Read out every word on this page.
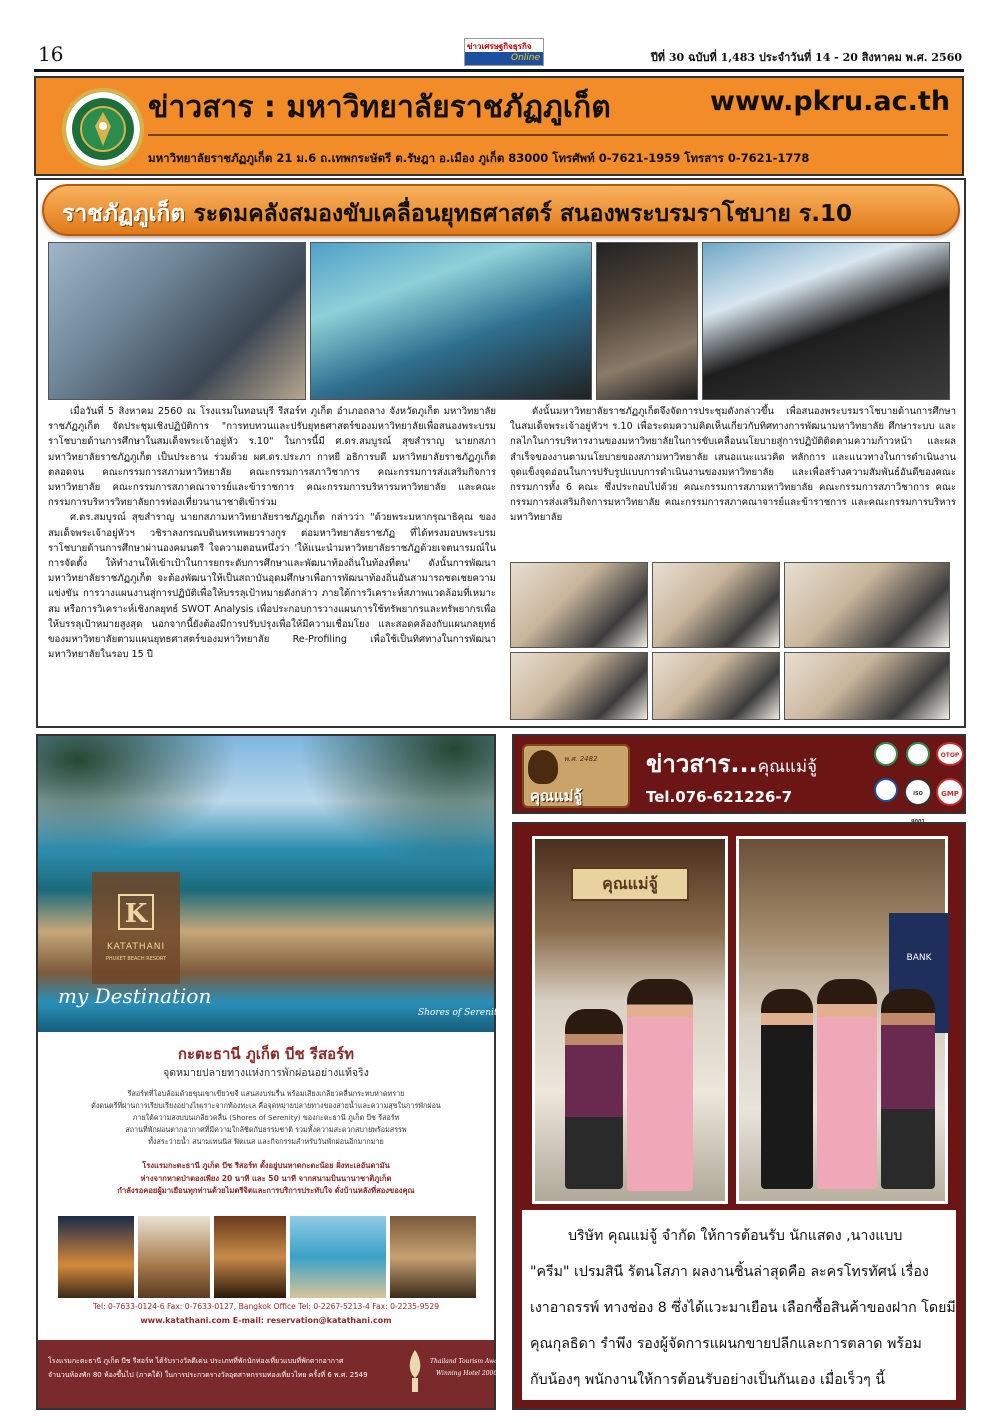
16	ข่าวเศรษฐกิจธุรกิจ
Online	ปีที่ 30 ฉบับที่ 1,483 ประจำวันที่ 14 - 20 สิงหาคม พ.ศ. 2560
ข่าวสาร : มหาวิทยาลัยราชภัฏภูเก็ต	www.pkru.ac.th
มหาวิทยาลัยราชภัฏภูเก็ต 21 ม.6 ถ.เทพกระษัตรี ต.รัษฎา อ.เมือง ภูเก็ต 83000 โทรศัพท์ 0-7621-1959 โทรสาร 0-7621-1778
ราชภัฏภูเก็ต ระดมคลังสมองขับเคลื่อนยุทธศาสตร์ สนองพระบรมราโชบาย ร.10

เมื่อวันที่ 5 สิงหาคม 2560 ณ โรงแรมในทอนบุรี รีสอร์ท ภูเก็ต อำเภอถลาง จังหวัดภูเก็ต มหาวิทยาลัยราชภัฏภูเก็ต จัดประชุมเชิงปฏิบัติการ "การทบทวนและปรับยุทธศาสตร์ของมหาวิทยาลัยเพื่อสนองพระบรมราโชบายด้านการศึกษาในสมเด็จพระเจ้าอยู่หัว ร.10" ในการนี้มี ศ.ดร.สมบูรณ์ สุขสำราญ นายกสภามหาวิทยาลัยราชภัฏภูเก็ต เป็นประธาน ร่วมด้วย ผศ.ดร.ประภา กาหยี อธิการบดี มหาวิทยาลัยราชภัฏภูเก็ต ตลอดจน คณะกรรมการสภามหาวิทยาลัย คณะกรรมการสภาวิชาการ คณะกรรมการส่งเสริมกิจการมหาวิทยาลัย คณะกรรมการสภาคณาจารย์และข้าราชการ คณะกรรมการบริหารมหาวิทยาลัย และคณะกรรมการบริหารวิทยาลัยการท่องเที่ยวนานาชาติเข้าร่วม

ศ.ดร.สมบูรณ์ สุขสำราญ นายกสภามหาวิทยาลัยราชภัฏภูเก็ต กล่าวว่า "ด้วยพระมหากรุณาธิคุณ ของ สมเด็จพระเจ้าอยู่หัวฯ วชิราลงกรณบดินทรเทพยวรางกูร ต่อมหาวิทยาลัยราชภัฏ ที่ได้ทรงมอบพระบรมราโชบายด้านการศึกษาผ่านองคมนตรี ใจความตอนหนึ่งว่า 'ให้แนะนำมหาวิทยาลัยราชภัฏด้วยเจตนารมณ์ในการจัดตั้ง ให้ทำงานให้เข้าเป้าในการยกระดับการศึกษาและพัฒนาท้องถิ่นในท้องที่ตน' ดังนั้นการพัฒนามหาวิทยาลัยราชภัฏภูเก็ต จะต้องพัฒนาให้เป็นสถาบันอุดมศึกษาเพื่อการพัฒนาท้องถิ่นอันสามารถชดเชยความแข่งขัน การวางแผนงานสู่การปฏิบัติเพื่อให้บรรลุเป้าหมายดังกล่าว ภายใต้การวิเคราะห์สภาพแวดล้อมที่เหมาะสม หรือการวิเคราะห์เชิงกลยุทธ์ SWOT Analysis เพื่อประกอบการวางแผนการใช้ทรัพยากรและทรัพยากรเพื่อให้บรรลุเป้าหมายสูงสุด นอกจากนี้ยังต้องมีการปรับปรุงเพื่อให้มีความเชื่อมโยง และสอดคล้องกับแผนกลยุทธ์ของมหาวิทยาลัยตามแผนยุทธศาสตร์ของมหาวิทยาลัย Re-Profiling เพื่อใช้เป็นทิศทางในการพัฒนามหาวิทยาลัยในรอบ 15 ปี

ดังนั้นมหาวิทยาลัยราชภัฏภูเก็ตจึงจัดการประชุมดังกล่าวขึ้น เพื่อสนองพระบรมราโชบายด้านการศึกษาในสมเด็จพระเจ้าอยู่หัวฯ ร.10 เพื่อระดมความคิดเห็นเกี่ยวกับทิศทางการพัฒนามหาวิทยาลัย ศึกษาระบบ และกลไกในการบริหารงานของมหาวิทยาลัยในการขับเคลื่อนนโยบายสู่การปฏิบัติติดตามความก้าวหน้า และผลสำเร็จของงานตามนโยบายของสภามหาวิทยาลัย เสนอแนะแนวคิด หลักการ และแนวทางในการดำเนินงาน จุดแข็งจุดอ่อนในการปรับรูปแบบการดำเนินงานของมหาวิทยาลัย และเพื่อสร้างความสัมพันธ์อันดีของคณะกรรมการทั้ง 6 คณะ ซึ่งประกอบไปด้วย คณะกรรมการสภามหาวิทยาลัย คณะกรรมการสภาวิชาการ คณะกรรมการส่งเสริมกิจการมหาวิทยาลัย คณะกรรมการสภาคณาจารย์และข้าราชการ และคณะกรรมการบริหารมหาวิทยาลัย

K
KATATHANI
PHUKET BEACH RESORT
my Destination
Shores of Serenity
กะตะธานี ภูเก็ต บีช รีสอร์ท
จุดหมายปลายทางแห่งการพักผ่อนอย่างแท้จริง
รีสอร์ทที่โอบล้อมด้วยขุนเขาเขียวขจี แสนสงบร่มรื่น พร้อมเสียงเกลียวคลื่นกระทบหาดทราย
ดั่งดนตรีที่ผ่านการเรียบเรียงอย่างไพเราะจากท้องทะเล คือจุดหมายปลายทางของสายน้ำและความสุขในการพักผ่อน
ภายใต้ความสงบบนเกลียวคลื่น (Shores of Serenity) ของกะตะธานี ภูเก็ต บีช รีสอร์ท
สถานที่พักผ่อนตากอากาศที่มีความใกล้ชิดกับธรรมชาติ รวมทั้งความสะดวกสบายพร้อมสรรพ
ทั้งสระว่ายน้ำ สนามเทนนิส ฟิตเนส และกิจกรรมสำหรับวันพักผ่อนอีกมากมาย
โรงแรมกะตะธานี ภูเก็ต บีช รีสอร์ท ตั้งอยู่บนหาดกะตะน้อย ฝั่งทะเลอันดามัน
ห่างจากหาดป่าตองเพียง 20 นาที และ 50 นาที จากสนามบินนานาชาติภูเก็ต
กำลังรอคอยผู้มาเยือนทุกท่านด้วยไมตรีจิตและการบริการประทับใจ ดั่งบ้านหลังที่สองของคุณ
Tel: 0-7633-0124-6 Fax: 0-7633-0127, Bangkok Office Tel: 0-2267-5213-4 Fax: 0-2235-9529
www.katathani.com E-mail: reservation@katathani.com
โรงแรมกะตะธานี ภูเก็ต บีช รีสอร์ท ได้รับรางวัลดีเด่น ประเภทที่พักนักท่องเที่ยวแบบที่พักตากอากาศ
จำนวนห้องพัก 80 ห้องขึ้นไป (ภาคใต้) ในการประกวดรางวัลอุตสาหกรรมท่องเที่ยวไทย ครั้งที่ 6 พ.ศ. 2549
Thailand Tourism Award
Winning Hotel 2006
พ.ศ. 2482
คุณแม่จู้
ข่าวสาร...คุณแม่จู้
Tel.076-621226-7
OTOP
ISO	GMP
คุณแม่จู้
BANK
บริษัท คุณแม่จู้ จำกัด ให้การต้อนรับ นักแสดง ,นางแบบ
"ครีม" เปรมสินี รัตนโสภา ผลงานชิ้นล่าสุดคือ ละครโทรทัศน์ เรื่อง
เงาอาถรรพ์ ทางช่อง 8 ซึ่งได้แวะมาเยือน เลือกซื้อสินค้าของฝาก โดยมี
คุณกุลธิดา รำพึง รองผู้จัดการแผนกขายปลีกและการตลาด พร้อม
กับน้องๆ พนักงานให้การต้อนรับอย่างเป็นกันเอง เมื่อเร็วๆ นี้
